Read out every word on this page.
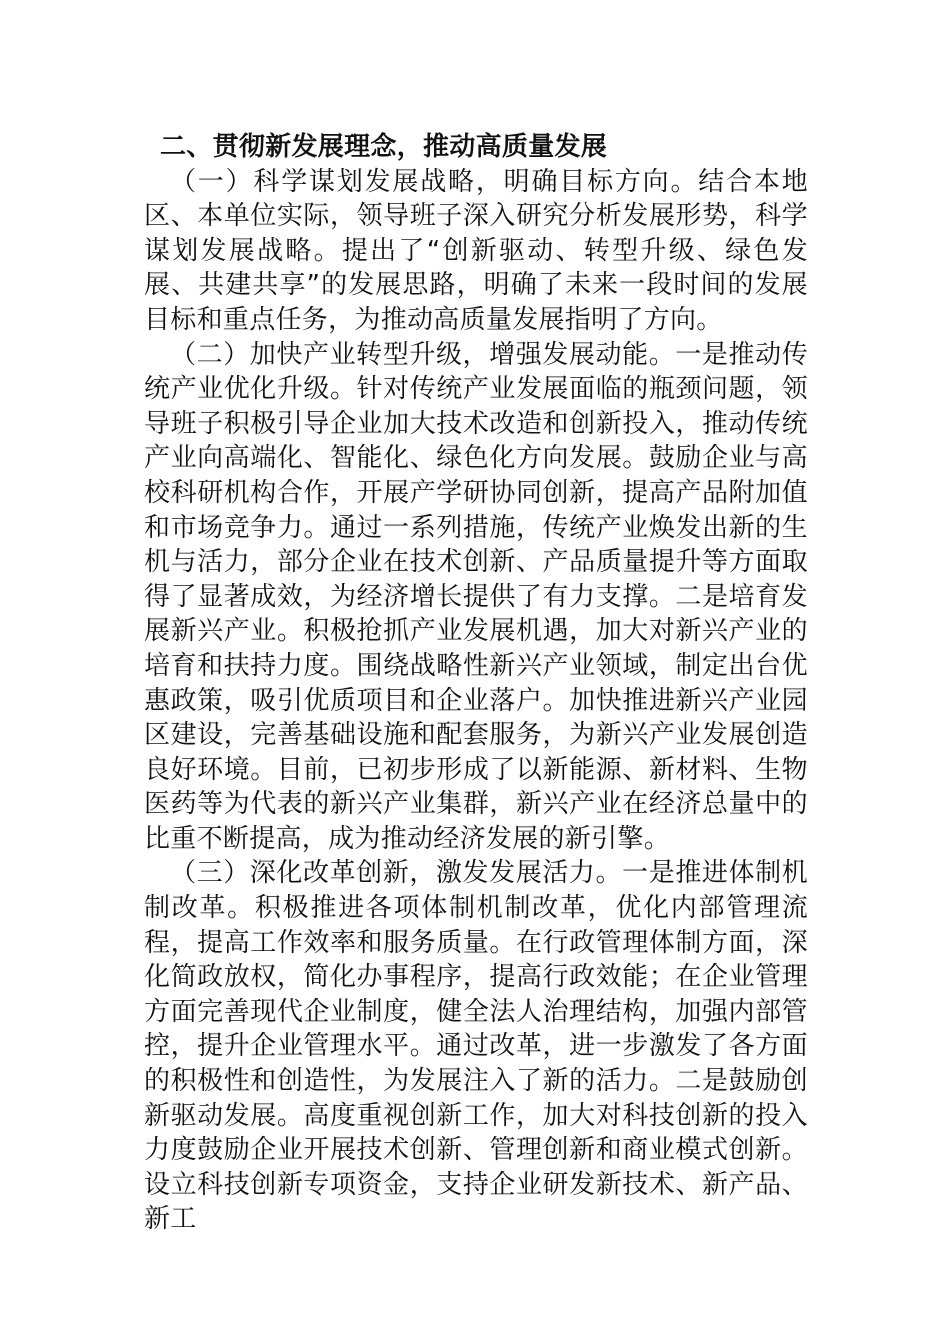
二、贯彻新发展理念，推动高质量发展

（一）科学谋划发展战略，明确目标方向。结合本地区、本单位实际，领导班子深入研究分析发展形势，科学谋划发展战略。提出了“创新驱动、转型升级、绿色发展、共建共享”的发展思路，明确了未来一段时间的发展目标和重点任务，为推动高质量发展指明了方向。

（二）加快产业转型升级，增强发展动能。一是推动传统产业优化升级。针对传统产业发展面临的瓶颈问题，领导班子积极引导企业加大技术改造和创新投入，推动传统产业向高端化、智能化、绿色化方向发展。鼓励企业与高校科研机构合作，开展产学研协同创新，提高产品附加值和市场竞争力。通过一系列措施，传统产业焕发出新的生机与活力，部分企业在技术创新、产品质量提升等方面取得了显著成效，为经济增长提供了有力支撑。二是培育发展新兴产业。积极抢抓产业发展机遇，加大对新兴产业的培育和扶持力度。围绕战略性新兴产业领域，制定出台优惠政策，吸引优质项目和企业落户。加快推进新兴产业园区建设，完善基础设施和配套服务，为新兴产业发展创造良好环境。目前，已初步形成了以新能源、新材料、生物医药等为代表的新兴产业集群，新兴产业在经济总量中的比重不断提高，成为推动经济发展的新引擎。

（三）深化改革创新，激发发展活力。一是推进体制机制改革。积极推进各项体制机制改革，优化内部管理流程，提高工作效率和服务质量。在行政管理体制方面，深化简政放权，简化办事程序，提高行政效能；在企业管理方面完善现代企业制度，健全法人治理结构，加强内部管控，提升企业管理水平。通过改革，进一步激发了各方面的积极性和创造性，为发展注入了新的活力。二是鼓励创新驱动发展。高度重视创新工作，加大对科技创新的投入力度鼓励企业开展技术创新、管理创新和商业模式创新。设立科技创新专项资金，支持企业研发新技术、新产品、新工
